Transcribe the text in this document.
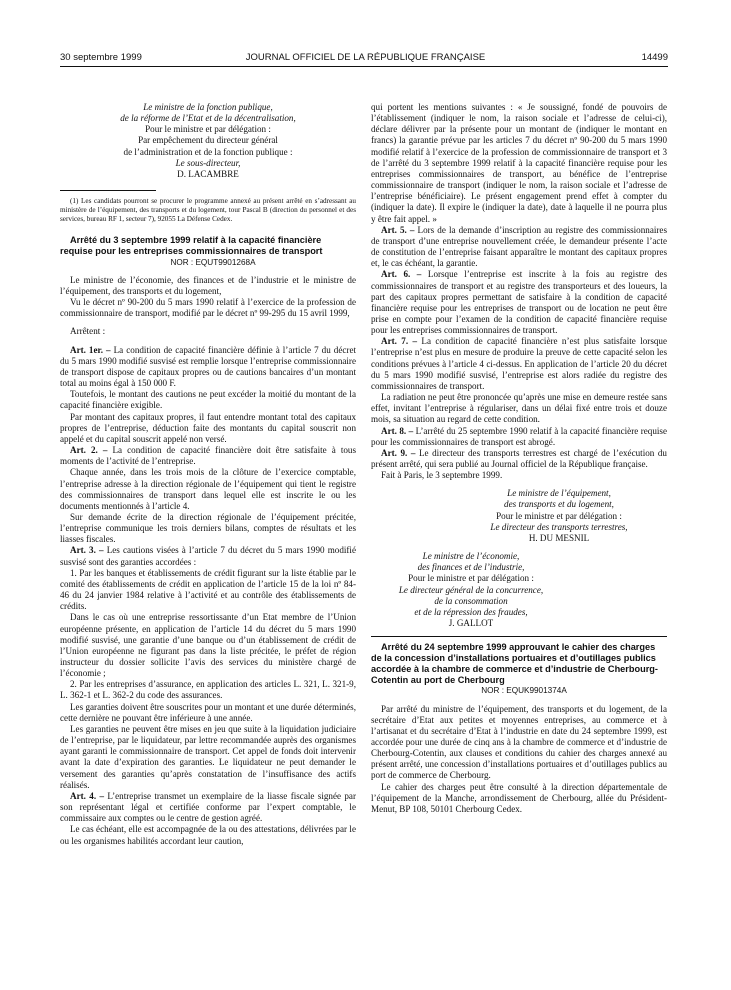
30 septembre 1999	JOURNAL OFFICIEL DE LA RÉPUBLIQUE FRANÇAISE	14499

Le ministre de la fonction publique,

de la réforme de l’Etat et de la décentralisation,

Pour le ministre et par délégation :

Par empêchement du directeur général

de l’administration et de la fonction publique :

Le sous-directeur,

D. LACAMBRE

(1) Les candidats pourront se procurer le programme annexé au présent arrêté en s’adressant au ministère de l’équipement, des transports et du logement, tour Pascal B (direction du personnel et des services, bureau RF 1, secteur 7), 92055 La Défense Cedex.

Arrêté du 3 septembre 1999 relatif à la capacité financière requise pour les entreprises commissionnaires de transport

NOR : EQUT9901268A

Le ministre de l’économie, des finances et de l’industrie et le ministre de l’équipement, des transports et du logement,

Vu le décret nº 90-200 du 5 mars 1990 relatif à l’exercice de la profession de commissionnaire de transport, modifié par le décret nº 99-295 du 15 avril 1999,

Arrêtent :

Art. 1er. – La condition de capacité financière définie à l’article 7 du décret du 5 mars 1990 modifié susvisé est remplie lorsque l’entreprise commissionnaire de transport dispose de capitaux propres ou de cautions bancaires d’un montant total au moins égal à 150 000 F.

Toutefois, le montant des cautions ne peut excéder la moitié du montant de la capacité financière exigible.

Par montant des capitaux propres, il faut entendre montant total des capitaux propres de l’entreprise, déduction faite des montants du capital souscrit non appelé et du capital souscrit appelé non versé.

Art. 2. – La condition de capacité financière doit être satisfaite à tous moments de l’activité de l’entreprise.

Chaque année, dans les trois mois de la clôture de l’exercice comptable, l’entreprise adresse à la direction régionale de l’équipement qui tient le registre des commissionnaires de transport dans lequel elle est inscrite le ou les documents mentionnés à l’article 4.

Sur demande écrite de la direction régionale de l’équipement précitée, l’entreprise communique les trois derniers bilans, comptes de résultats et les liasses fiscales.

Art. 3. – Les cautions visées à l’article 7 du décret du 5 mars 1990 modifié susvisé sont des garanties accordées :

1. Par les banques et établissements de crédit figurant sur la liste établie par le comité des établissements de crédit en application de l’article 15 de la loi nº 84-46 du 24 janvier 1984 relative à l’activité et au contrôle des établissements de crédits.

Dans le cas où une entreprise ressortissante d’un Etat membre de l’Union européenne présente, en application de l’article 14 du décret du 5 mars 1990 modifié susvisé, une garantie d’une banque ou d’un établissement de crédit de l’Union européenne ne figurant pas dans la liste précitée, le préfet de région instructeur du dossier sollicite l’avis des services du ministère chargé de l’économie ;

2. Par les entreprises d’assurance, en application des articles L. 321, L. 321-9, L. 362-1 et L. 362-2 du code des assurances.

Les garanties doivent être souscrites pour un montant et une durée déterminés, cette dernière ne pouvant être inférieure à une année.

Les garanties ne peuvent être mises en jeu que suite à la liquidation judiciaire de l’entreprise, par le liquidateur, par lettre recommandée auprès des organismes ayant garanti le commissionnaire de transport. Cet appel de fonds doit intervenir avant la date d’expiration des garanties. Le liquidateur ne peut demander le versement des garanties qu’après constatation de l’insuffisance des actifs réalisés.

Art. 4. – L’entreprise transmet un exemplaire de la liasse fiscale signée par son représentant légal et certifiée conforme par l’expert comptable, le commissaire aux comptes ou le centre de gestion agréé.

Le cas échéant, elle est accompagnée de la ou des attestations, délivrées par le ou les organismes habilités accordant leur caution,

qui portent les mentions suivantes : « Je soussigné, fondé de pouvoirs de l’établissement (indiquer le nom, la raison sociale et l’adresse de celui-ci), déclare délivrer par la présente pour un montant de (indiquer le montant en francs) la garantie prévue par les articles 7 du décret nº 90-200 du 5 mars 1990 modifié relatif à l’exercice de la profession de commissionnaire de transport et 3 de l’arrêté du 3 septembre 1999 relatif à la capacité financière requise pour les entreprises commissionnaires de transport, au bénéfice de l’entreprise commissionnaire de transport (indiquer le nom, la raison sociale et l’adresse de l’entreprise bénéficiaire). Le présent engagement prend effet à compter du (indiquer la date). Il expire le (indiquer la date), date à laquelle il ne pourra plus y être fait appel. »

Art. 5. – Lors de la demande d’inscription au registre des commissionnaires de transport d’une entreprise nouvellement créée, le demandeur présente l’acte de constitution de l’entreprise faisant apparaître le montant des capitaux propres et, le cas échéant, la garantie.

Art. 6. – Lorsque l’entreprise est inscrite à la fois au registre des commissionnaires de transport et au registre des transporteurs et des loueurs, la part des capitaux propres permettant de satisfaire à la condition de capacité financière requise pour les entreprises de transport ou de location ne peut être prise en compte pour l’examen de la condition de capacité financière requise pour les entreprises commissionnaires de transport.

Art. 7. – La condition de capacité financière n’est plus satisfaite lorsque l’entreprise n’est plus en mesure de produire la preuve de cette capacité selon les conditions prévues à l’article 4 ci-dessus. En application de l’article 20 du décret du 5 mars 1990 modifié susvisé, l’entreprise est alors radiée du registre des commissionnaires de transport.

La radiation ne peut être prononcée qu’après une mise en demeure restée sans effet, invitant l’entreprise à régulariser, dans un délai fixé entre trois et douze mois, sa situation au regard de cette condition.

Art. 8. – L’arrêté du 25 septembre 1990 relatif à la capacité financière requise pour les commissionnaires de transport est abrogé.

Art. 9. – Le directeur des transports terrestres est chargé de l’exécution du présent arrêté, qui sera publié au Journal officiel de la République française.

Fait à Paris, le 3 septembre 1999.

Le ministre de l’équipement,

des transports et du logement,

Pour le ministre et par délégation :

Le directeur des transports terrestres,

H. DU MESNIL

Le ministre de l’économie,

des finances et de l’industrie,

Pour le ministre et par délégation :

Le directeur général de la concurrence,

de la consommation

et de la répression des fraudes,

J. GALLOT

Arrêté du 24 septembre 1999 approuvant le cahier des charges de la concession d’installations portuaires et d’outillages publics accordée à la chambre de commerce et d’industrie de Cherbourg-Cotentin au port de Cherbourg

NOR : EQUK9901374A

Par arrêté du ministre de l’équipement, des transports et du logement, de la secrétaire d’Etat aux petites et moyennes entreprises, au commerce et à l’artisanat et du secrétaire d’Etat à l’industrie en date du 24 septembre 1999, est accordée pour une durée de cinq ans à la chambre de commerce et d’industrie de Cherbourg-Cotentin, aux clauses et conditions du cahier des charges annexé au présent arrêté, une concession d’installations portuaires et d’outillages publics au port de commerce de Cherbourg.

Le cahier des charges peut être consulté à la direction départementale de l’équipement de la Manche, arrondissement de Cherbourg, allée du Président-Menut, BP 108, 50101 Cherbourg Cedex.
